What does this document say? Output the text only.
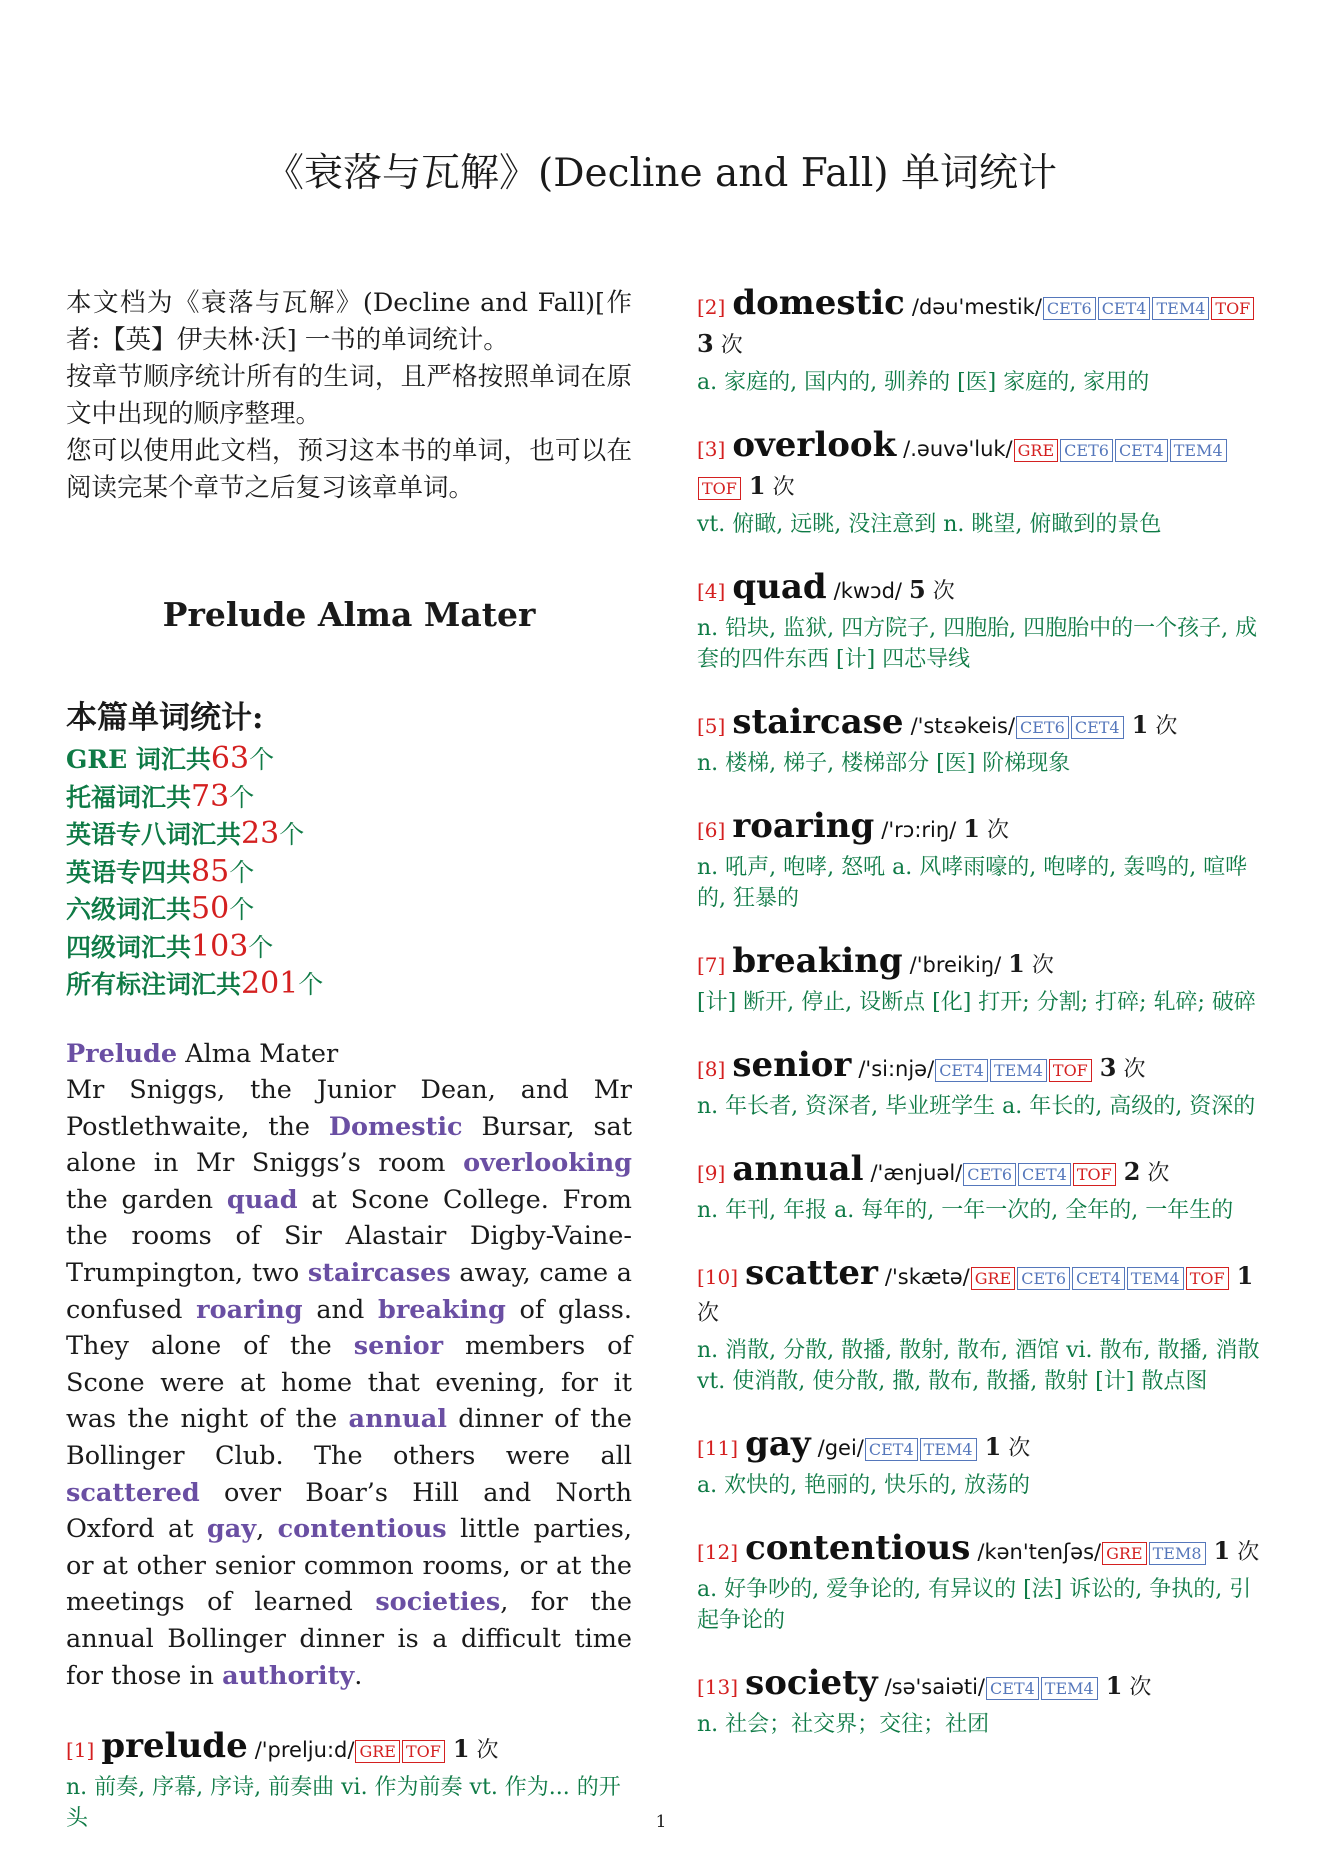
《衰落与瓦解》(Decline and Fall) 单词统计

本文档为《衰落与瓦解》(Decline and Fall)[作者:【英】伊夫林·沃] 一书的单词统计。

按章节顺序统计所有的生词，且严格按照单词在原文中出现的顺序整理。

您可以使用此文档，预习这本书的单词，也可以在阅读完某个章节之后复习该章单词。

Prelude Alma Mater
本篇单词统计:
GRE 词汇共63个
托福词汇共73个
英语专八词汇共23个
英语专四共85个
六级词汇共50个
四级词汇共103个
所有标注词汇共201个
Prelude Alma Mater
Mr Sniggs, the Junior Dean, and Mr Postlethwaite, the Domestic Bursar, sat alone in Mr Sniggs’s room overlooking the garden quad at Scone College. From the rooms of Sir Alastair Digby-Vaine-Trumpington, two staircases away, came a confused roaring and breaking of glass. They alone of the senior members of Scone were at home that evening, for it was the night of the annual dinner of the Bollinger Club. The others were all scattered over Boar’s Hill and North Oxford at gay, contentious little parties, or at other senior common rooms, or at the meetings of learned societies, for the annual Bollinger dinner is a difficult time for those in authority.
[1] prelude /'prelju:d/ GRE TOF 1 次
n. 前奏, 序幕, 序诗, 前奏曲 vi. 作为前奏 vt. 作为... 的开头
[2] domestic /dəu'mestik/ CET6 CET4 TEM4 TOF 3 次
a. 家庭的, 国内的, 驯养的 [医] 家庭的, 家用的
[3] overlook /.əuvə'luk/ GRE CET6 CET4 TEM4TOF 1 次
vt. 俯瞰, 远眺, 没注意到 n. 眺望, 俯瞰到的景色
[4] quad /kwɔd/ 5 次
n. 铅块, 监狱, 四方院子, 四胞胎, 四胞胎中的一个孩子, 成套的四件东西 [计] 四芯导线
[5] staircase /'stɛəkeis/ CET6 CET4 1 次
n. 楼梯, 梯子, 楼梯部分 [医] 阶梯现象
[6] roaring /'rɔ:riŋ/ 1 次
n. 吼声, 咆哮, 怒吼 a. 风哮雨嚎的, 咆哮的, 轰鸣的, 喧哗的, 狂暴的
[7] breaking /'breikiŋ/ 1 次
[计] 断开, 停止, 设断点 [化] 打开; 分割; 打碎; 轧碎; 破碎
[8] senior /'si:njə/ CET4 TEM4 TOF 3 次
n. 年长者, 资深者, 毕业班学生 a. 年长的, 高级的, 资深的
[9] annual /'ænjuəl/ CET6 CET4 TOF 2 次
n. 年刊, 年报 a. 每年的, 一年一次的, 全年的, 一年生的
[10] scatter /'skætə/ GRE CET6 CET4 TEM4 TOF 1 次
n. 消散, 分散, 散播, 散射, 散布, 酒馆 vi. 散布, 散播, 消散 vt. 使消散, 使分散, 撒, 散布, 散播, 散射 [计] 散点图
[11] gay /gei/ CET4 TEM4 1 次
a. 欢快的, 艳丽的, 快乐的, 放荡的
[12] contentious /kən'tenʃəs/ GRE TEM8 1 次
a. 好争吵的, 爱争论的, 有异议的 [法] 诉讼的, 争执的, 引起争论的
[13] society /sə'saiəti/ CET4 TEM4 1 次
n. 社会；社交界；交往；社团
1
